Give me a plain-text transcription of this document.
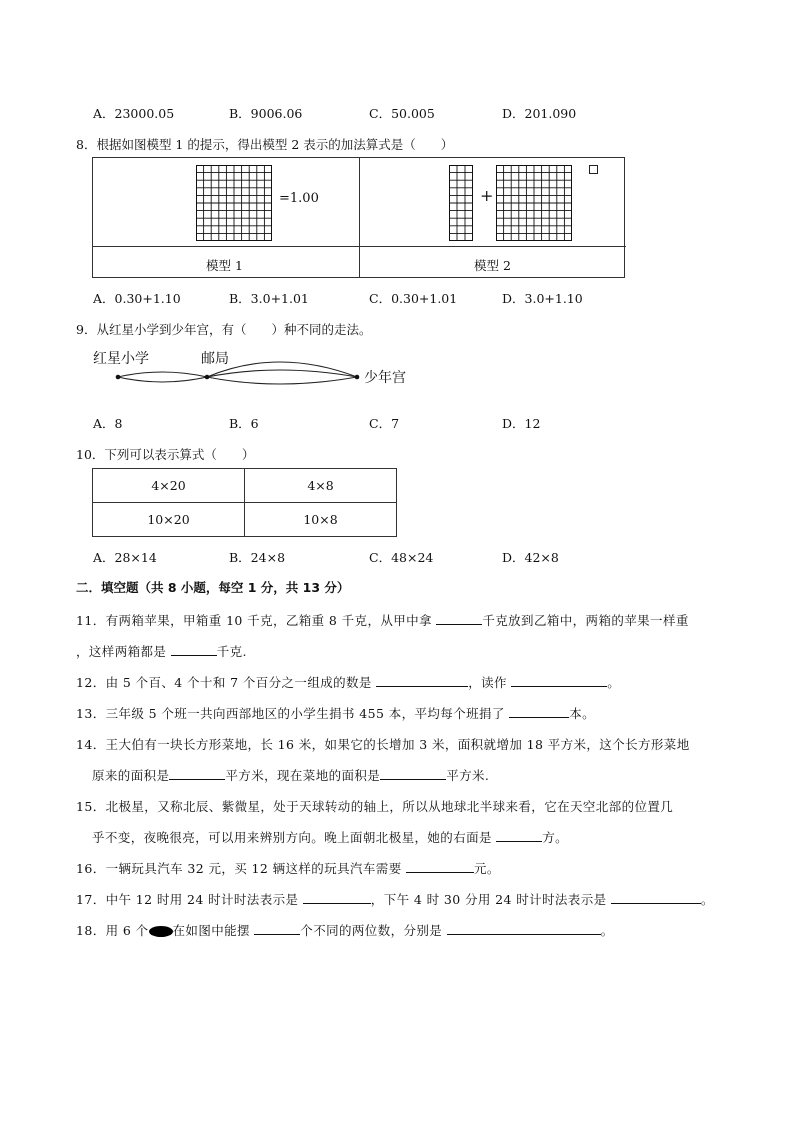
A．23000.05	B．9006.06	C．50.005	D．201.090
8．根据如图模型 1 的提示，得出模型 2 表示的加法算式是（　　）
=1.00	+
模型 1	模型 2
A．0.30+1.10	B．3.0+1.01	C．0.30+1.01	D．3.0+1.10
9．从红星小学到少年宫，有（　　）种不同的走法。
红星小学	邮局
少年宫
A．8	B．6	C．7	D．12
10．下列可以表示算式（　　）
4×20	4×8
10×20	10×8
A．28×14	B．24×8	C．48×24	D．42×8
二．填空题（共 8 小题，每空 1 分，共 13 分）
11．有两箱苹果，甲箱重 10 千克，乙箱重 8 千克，从甲中拿	千克放到乙箱中，两箱的苹果一样重
，这样两箱都是	千克.
12．由 5 个百、4 个十和 7 个百分之一组成的数是	，读作	。
13．三年级 5 个班一共向西部地区的小学生捐书 455 本，平均每个班捐了	本。
14．王大伯有一块长方形菜地，长 16 米，如果它的长增加 3 米，面积就增加 18 平方米，这个长方形菜地
原来的面积是	平方米，现在菜地的面积是	平方米.
15．北极星，又称北辰、紫微星，处于天球转动的轴上，所以从地球北半球来看，它在天空北部的位置几
乎不变，夜晚很亮，可以用来辨别方向。晚上面朝北极星，她的右面是	方。
16．一辆玩具汽车 32 元，买 12 辆这样的玩具汽车需要	元。
17．中午 12 时用 24 时计时法表示是	，下午 4 时 30 分用 24 时计时法表示是	。
18．用 6 个 在如图中能摆	个不同的两位数，分别是	。
